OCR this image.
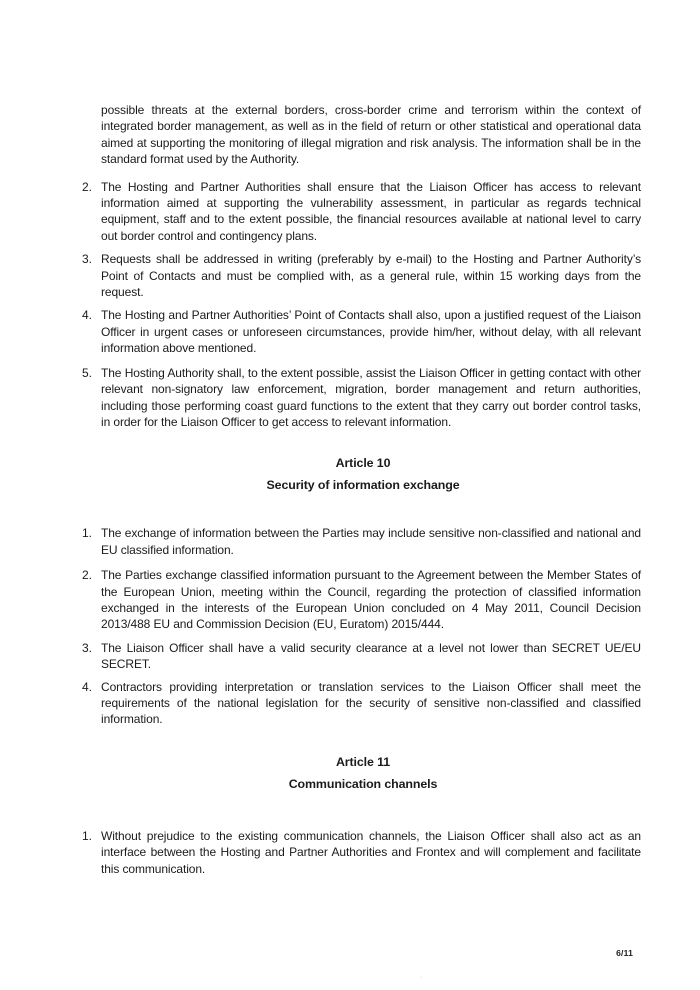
possible threats at the external borders, cross-border crime and terrorism within the context of integrated border management, as well as in the field of return or other statistical and operational data aimed at supporting the monitoring of illegal migration and risk analysis. The information shall be in the standard format used by the Authority.

2. The Hosting and Partner Authorities shall ensure that the Liaison Officer has access to relevant information aimed at supporting the vulnerability assessment, in particular as regards technical equipment, staff and to the extent possible, the financial resources available at national level to carry out border control and contingency plans.
3. Requests shall be addressed in writing (preferably by e-mail) to the Hosting and Partner Authority’s Point of Contacts and must be complied with, as a general rule, within 15 working days from the request.
4. The Hosting and Partner Authorities’ Point of Contacts shall also, upon a justified request of the Liaison Officer in urgent cases or unforeseen circumstances, provide him/her, without delay, with all relevant information above mentioned.
5. The Hosting Authority shall, to the extent possible, assist the Liaison Officer in getting contact with other relevant non-signatory law enforcement, migration, border management and return authorities, including those performing coast guard functions to the extent that they carry out border control tasks, in order for the Liaison Officer to get access to relevant information.
Article 10
Security of information exchange
1. The exchange of information between the Parties may include sensitive non-classified and national and EU classified information.
2. The Parties exchange classified information pursuant to the Agreement between the Member States of the European Union, meeting within the Council, regarding the protection of classified information exchanged in the interests of the European Union concluded on 4 May 2011, Council Decision 2013/488 EU and Commission Decision (EU, Euratom) 2015/444.
3. The Liaison Officer shall have a valid security clearance at a level not lower than SECRET UE/EU SECRET.
4. Contractors providing interpretation or translation services to the Liaison Officer shall meet the requirements of the national legislation for the security of sensitive non-classified and classified information.
Article 11
Communication channels
1. Without prejudice to the existing communication channels, the Liaison Officer shall also act as an interface between the Hosting and Partner Authorities and Frontex and will complement and facilitate this communication.
6/11
·
